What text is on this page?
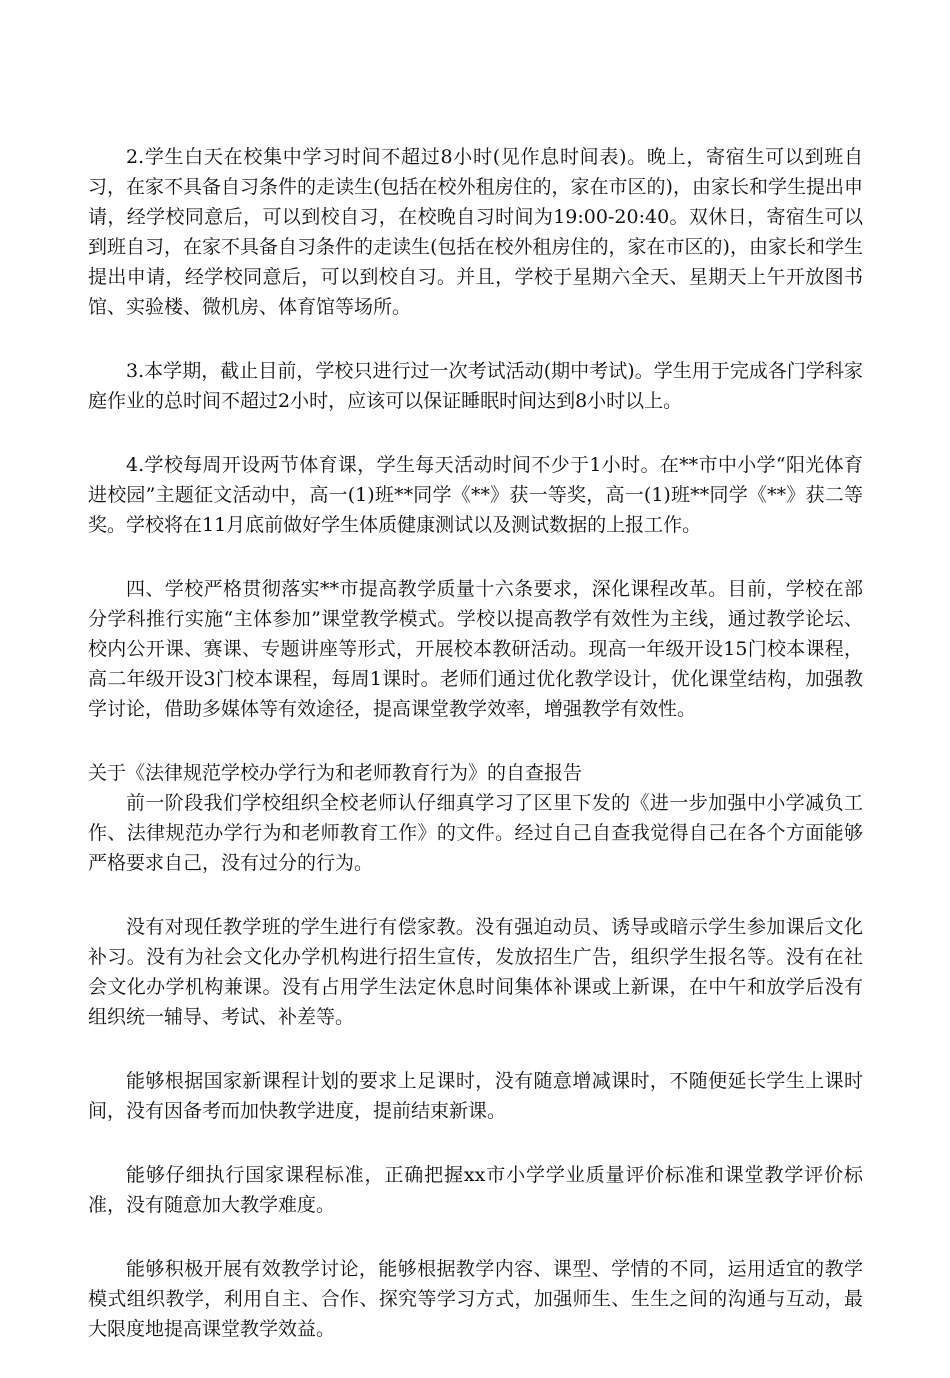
2.学生白天在校集中学习时间不超过8小时(见作息时间表)。晚上，寄宿生可以到班自习，在家不具备自习条件的走读生(包括在校外租房住的，家在市区的)，由家长和学生提出申请，经学校同意后，可以到校自习，在校晚自习时间为19:00-20:40。双休日，寄宿生可以到班自习，在家不具备自习条件的走读生(包括在校外租房住的，家在市区的)，由家长和学生提出申请，经学校同意后，可以到校自习。并且，学校于星期六全天、星期天上午开放图书馆、实验楼、微机房、体育馆等场所。

3.本学期，截止目前，学校只进行过一次考试活动(期中考试)。学生用于完成各门学科家庭作业的总时间不超过2小时，应该可以保证睡眠时间达到8小时以上。

4.学校每周开设两节体育课，学生每天活动时间不少于1小时。在**市中小学“阳光体育进校园”主题征文活动中，高一(1)班**同学《**》获一等奖，高一(1)班**同学《**》获二等奖。学校将在11月底前做好学生体质健康测试以及测试数据的上报工作。

四、学校严格贯彻落实**市提高教学质量十六条要求，深化课程改革。目前，学校在部分学科推行实施“主体参加”课堂教学模式。学校以提高教学有效性为主线，通过教学论坛、校内公开课、赛课、专题讲座等形式，开展校本教研活动。现高一年级开设15门校本课程，高二年级开设3门校本课程，每周1课时。老师们通过优化教学设计，优化课堂结构，加强教学讨论，借助多媒体等有效途径，提高课堂教学效率，增强教学有效性。

关于《法律规范学校办学行为和老师教育行为》的自查报告

前一阶段我们学校组织全校老师认仔细真学习了区里下发的《进一步加强中小学减负工作、法律规范办学行为和老师教育工作》的文件。经过自己自查我觉得自己在各个方面能够严格要求自己，没有过分的行为。

没有对现任教学班的学生进行有偿家教。没有强迫动员、诱导或暗示学生参加课后文化补习。没有为社会文化办学机构进行招生宣传，发放招生广告，组织学生报名等。没有在社会文化办学机构兼课。没有占用学生法定休息时间集体补课或上新课，在中午和放学后没有组织统一辅导、考试、补差等。

能够根据国家新课程计划的要求上足课时，没有随意增减课时，不随便延长学生上课时间，没有因备考而加快教学进度，提前结束新课。

能够仔细执行国家课程标准，正确把握xx市小学学业质量评价标准和课堂教学评价标准，没有随意加大教学难度。

能够积极开展有效教学讨论，能够根据教学内容、课型、学情的不同，运用适宜的教学模式组织教学，利用自主、合作、探究等学习方式，加强师生、生生之间的沟通与互动，最大限度地提高课堂教学效益。
